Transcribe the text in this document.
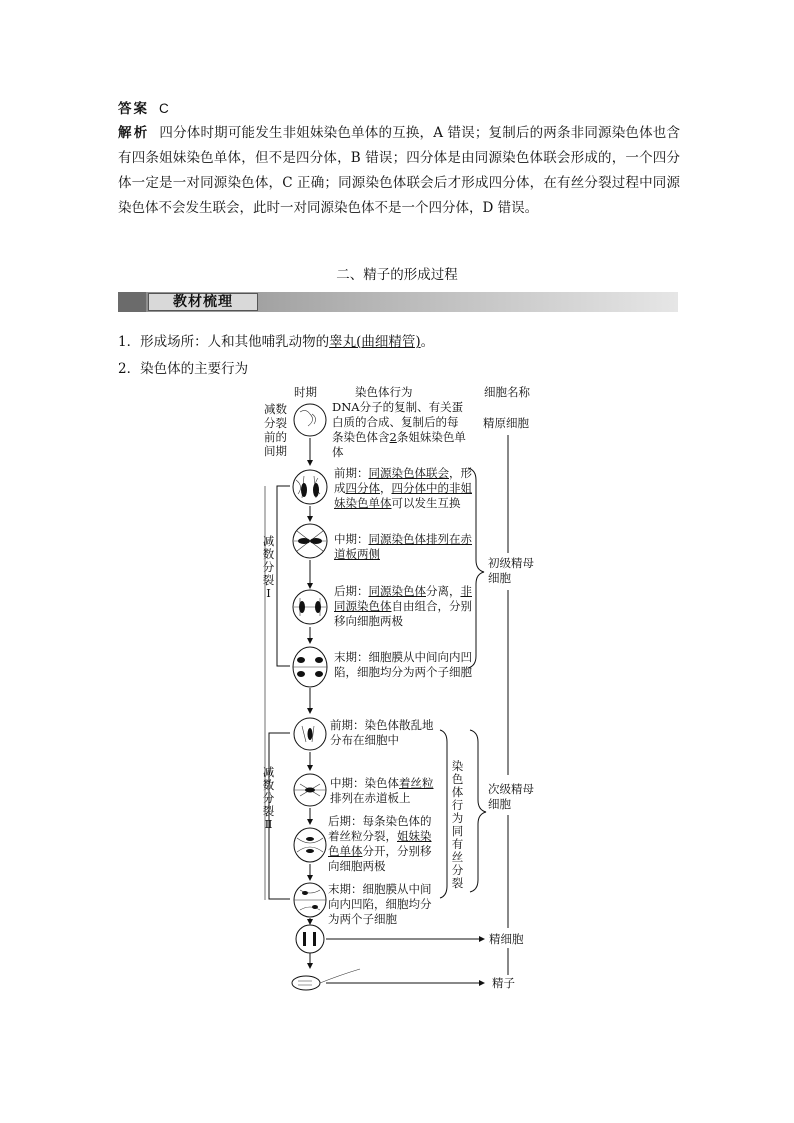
答案 C
解析 四分体时期可能发生非姐妹染色单体的互换，A 错误；复制后的两条非同源染色体也含有四条姐妹染色单体，但不是四分体，B 错误；四分体是由同源染色体联会形成的，一个四分体一定是一对同源染色体，C 正确；同源染色体联会后才形成四分体，在有丝分裂过程中同源染色体不会发生联会，此时一对同源染色体不是一个四分体，D 错误。
二、精子的形成过程
教材梳理
1．形成场所：人和其他哺乳动物的睾丸(曲细精管)。
2．染色体的主要行为
时期	染色体行为	细胞名称
减数分裂前的间期
DNA分子的复制、有关蛋白质的合成、复制后的每条染色体含2条姐妹染色单体
减数分裂Ⅰ
前期：同源染色体联会，形成四分体，四分体中的非姐妹染色单体可以发生互换
中期：同源染色体排列在赤道板两侧
后期：同源染色体分离，非同源染色体自由组合，分别移向细胞两极
末期：细胞膜从中间向内凹陷，细胞均分为两个子细胞
减数分裂Ⅱ
前期：染色体散乱地分布在细胞中
中期：染色体着丝粒排列在赤道板上
后期：每条染色体的着丝粒分裂，姐妹染色单体分开，分别移向细胞两极
末期：细胞膜从中间向内凹陷，细胞均分为两个子细胞
染色体行为同有丝分裂
精原细胞
初级精母细胞
次级精母细胞
精细胞
精子
